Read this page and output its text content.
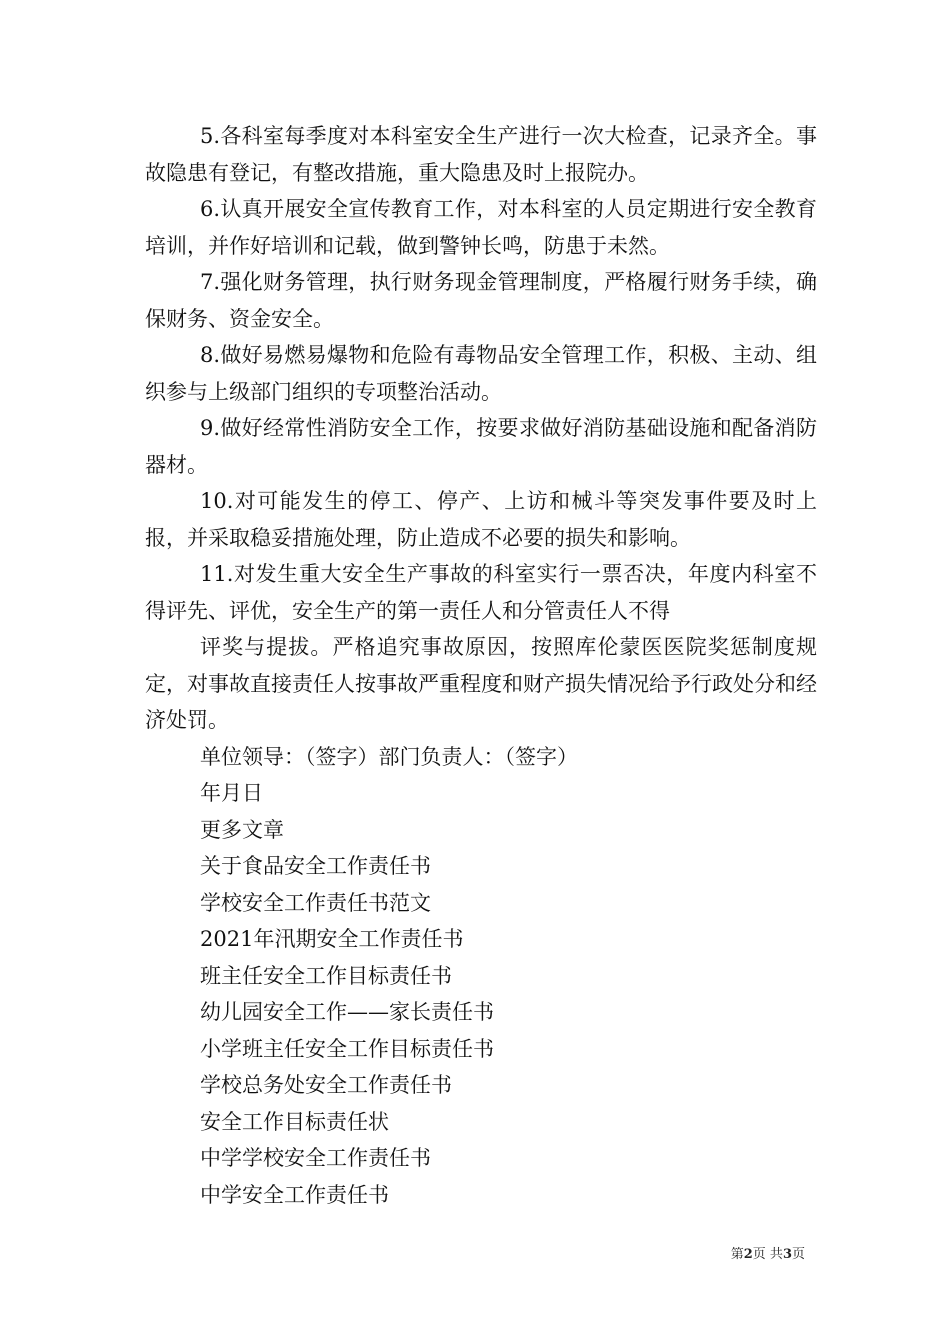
5.各科室每季度对本科室安全生产进行一次大检查，记录齐全。事故隐患有登记，有整改措施，重大隐患及时上报院办。

6.认真开展安全宣传教育工作，对本科室的人员定期进行安全教育培训，并作好培训和记载，做到警钟长鸣，防患于未然。

7.强化财务管理，执行财务现金管理制度，严格履行财务手续，确保财务、资金安全。

8.做好易燃易爆物和危险有毒物品安全管理工作，积极、主动、组织参与上级部门组织的专项整治活动。

9.做好经常性消防安全工作，按要求做好消防基础设施和配备消防器材。

10.对可能发生的停工、停产、上访和械斗等突发事件要及时上报，并采取稳妥措施处理，防止造成不必要的损失和影响。

11.对发生重大安全生产事故的科室实行一票否决，年度内科室不得评先、评优，安全生产的第一责任人和分管责任人不得

评奖与提拔。严格追究事故原因，按照库伦蒙医医院奖惩制度规定，对事故直接责任人按事故严重程度和财产损失情况给予行政处分和经济处罚。

单位领导：（签字）部门负责人：（签字）

年月日

更多文章

关于食品安全工作责任书

学校安全工作责任书范文

2021年汛期安全工作责任书

班主任安全工作目标责任书

幼儿园安全工作——家长责任书

小学班主任安全工作目标责任书

学校总务处安全工作责任书

安全工作目标责任状

中学学校安全工作责任书

中学安全工作责任书

第2页 共3页
